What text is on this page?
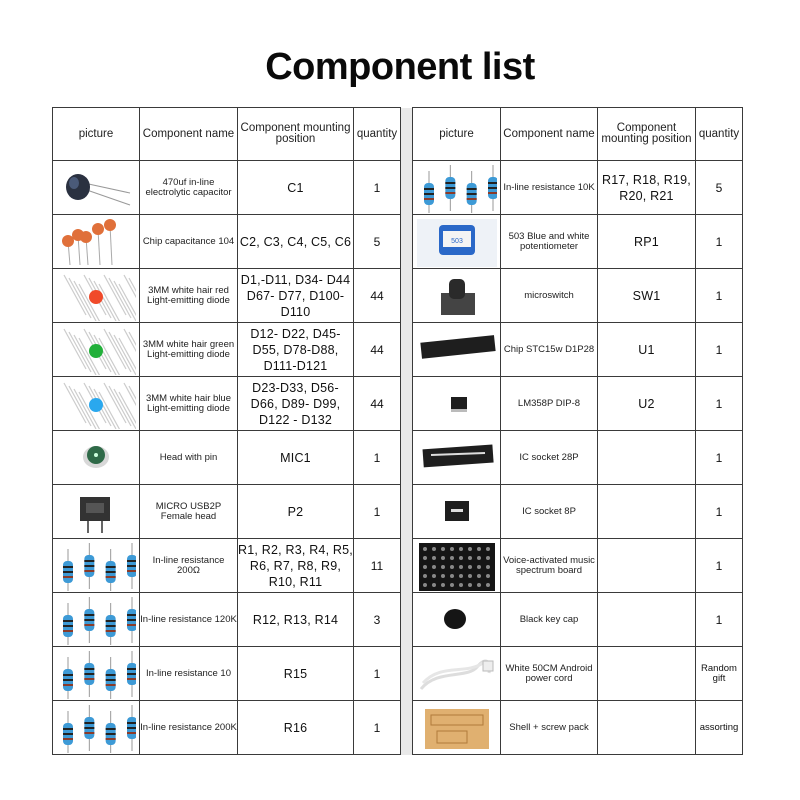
Component list
picture	Component name	Component mounting position	quantity		picture	Component name	Component mounting position	quantity

	470uf in-line electrolytic capacitor	C1	1			In-line resistance 10K	R17, R18, R19, R20, R21	5

	Chip capacitance 104	C2, C3, C4, C5, C6	5		503	503 Blue and white potentiometer	RP1	1

	3MM white hair red Light-emitting diode	D1,-D11, D34- D44 D67- D77, D100- D110	44			microswitch	SW1	1

	3MM white hair green Light-emitting diode	D12- D22, D45- D55, D78-D88, D111-D121	44			Chip STC15w D1P28	U1	1

	3MM white hair blue Light-emitting diode	D23-D33, D56- D66, D89- D99, D122 - D132	44			LM358P DIP-8	U2	1

	Head with pin	MIC1	1			IC socket 28P		1

	MICRO USB2P Female head	P2	1			IC socket 8P		1

	In-line resistance 200Ω	R1, R2, R3, R4, R5, R6, R7, R8, R9, R10, R11	11			Voice-activated music spectrum board		1

	In-line resistance 120K	R12, R13, R14	3			Black key cap		1

	In-line resistance 10	R15	1			White 50CM Android power cord		Random gift

	In-line resistance 200K	R16	1			Shell + screw pack		assorting
